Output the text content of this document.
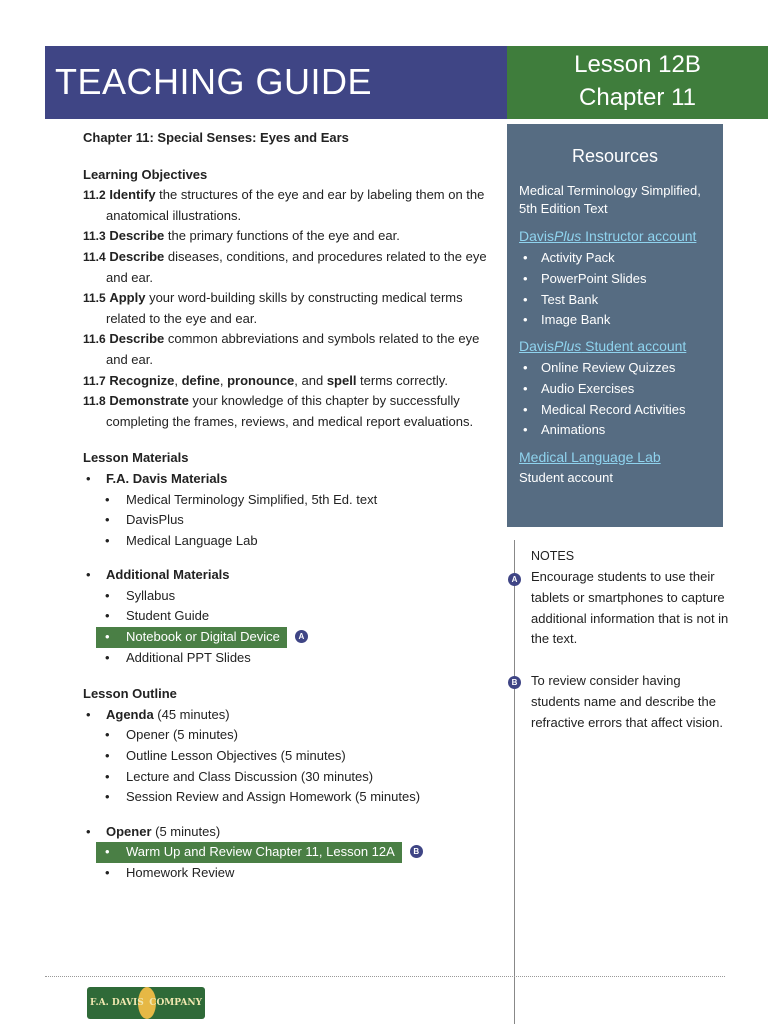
TEACHING GUIDE	Lesson 12B
Chapter 11
Chapter 11: Special Senses: Eyes and Ears
Learning Objectives
11.2 Identify the structures of the eye and ear by labeling them on the anatomical illustrations.
11.3 Describe the primary functions of the eye and ear.
11.4 Describe diseases, conditions, and procedures related to the eye and ear.
11.5 Apply your word-building skills by constructing medical terms related to the eye and ear.
11.6 Describe common abbreviations and symbols related to the eye and ear.
11.7 Recognize, define, pronounce, and spell terms correctly.
11.8 Demonstrate your knowledge of this chapter by successfully completing the frames, reviews, and medical report evaluations.
Lesson Materials
• F.A. Davis Materials
• Medical Terminology Simplified, 5th Ed. text
• DavisPlus
• Medical Language Lab
• Additional Materials
• Syllabus
• Student Guide
• Notebook or Digital Device A
• Additional PPT Slides
Lesson Outline
• Agenda (45 minutes)
• Opener (5 minutes)
• Outline Lesson Objectives (5 minutes)
• Lecture and Class Discussion (30 minutes)
• Session Review and Assign Homework (5 minutes)
• Opener (5 minutes)
• Warm Up and Review Chapter 11, Lesson 12A B
• Homework Review
Resources
Medical Terminology Simplified,
5th Edition Text
DavisPlus Instructor account
• Activity Pack
• PowerPoint Slides
• Test Bank
• Image Bank
DavisPlus Student account
• Online Review Quizzes
• Audio Exercises
• Medical Record Activities
• Animations
Medical Language Lab
Student account
NOTES
A Encourage students to use their tablets or smartphones to capture additional information that is not in the text.
B To review consider having students name and describe the refractive errors that affect vision.
F.A. DAVIS COMPANY
